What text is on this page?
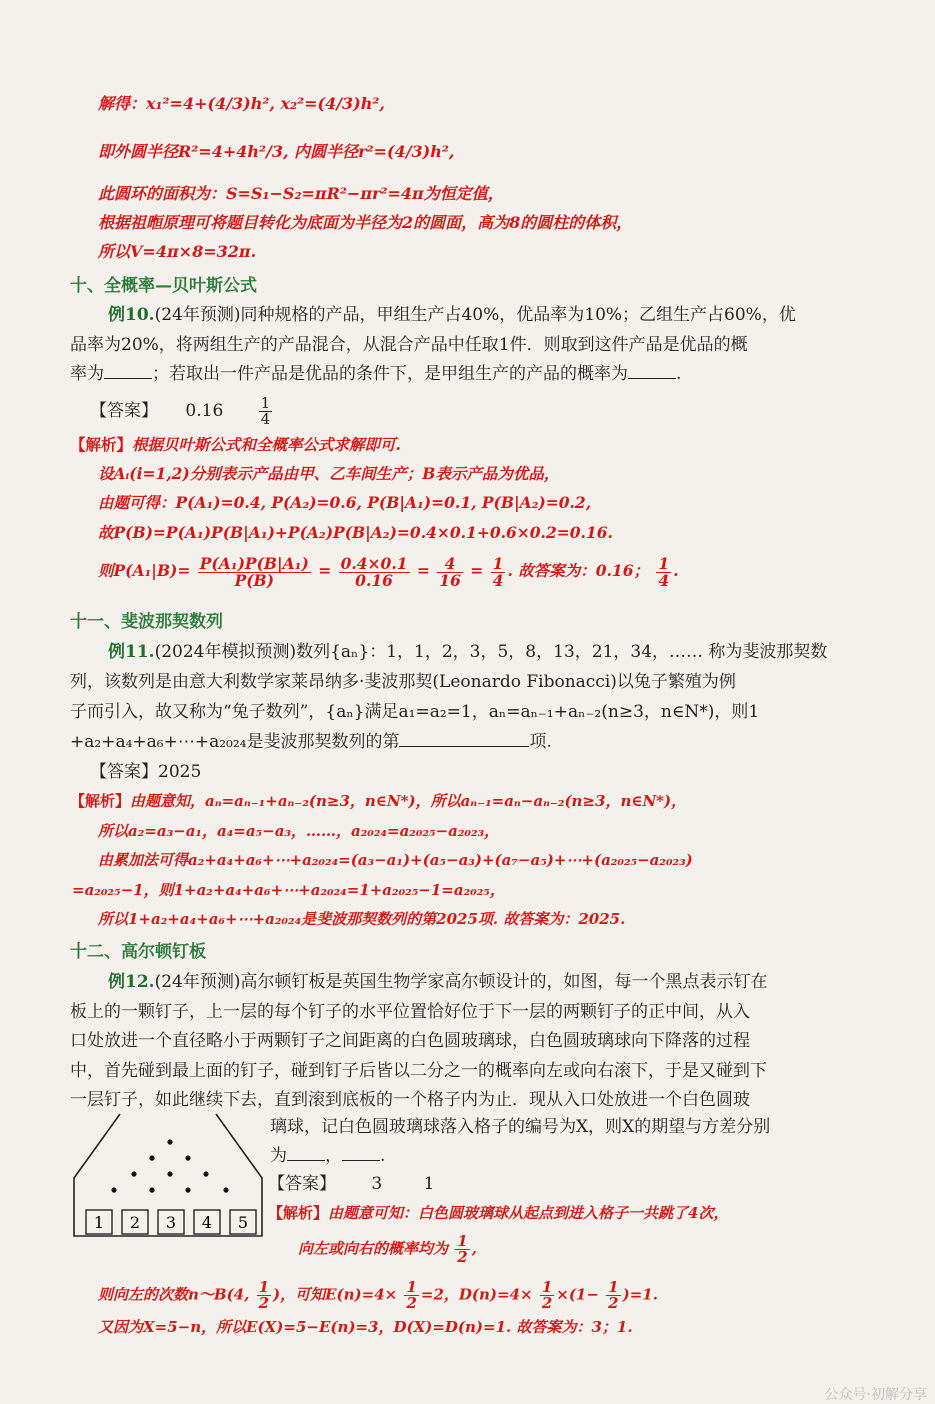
解得：x₁²=4+(4/3)h², x₂²=(4/3)h²,
即外圆半径R²=4+4h²/3, 内圆半径r²=(4/3)h²,
此圆环的面积为：S=S₁−S₂=πR²−πr²=4π为恒定值，
根据祖暅原理可将题目转化为底面为半径为2的圆面，高为8的圆柱的体积，
所以V=4π×8=32π.
十、全概率—贝叶斯公式
例10.(24年预测)同种规格的产品，甲组生产占40%，优品率为10%；乙组生产占60%，优
品率为20%，将两组生产的产品混合，从混合产品中任取1件．则取到这件产品是优品的概
率为	；若取出一件产品是优品的条件下，是甲组生产的产品的概率为	.
【答案】 $0.16 \frac{1}{4}$
【解析】根据贝叶斯公式和全概率公式求解即可.
设Aᵢ(i=1,2)分别表示产品由甲、乙车间生产；B表示产品为优品，
由题可得：P(A₁)=0.4, P(A₂)=0.6, P(B|A₁)=0.1, P(B|A₂)=0.2,
故P(B)=P(A₁)P(B|A₁)+P(A₂)P(B|A₂)=0.4×0.1+0.6×0.2=0.16.
则$P(A_1|B)= \frac{\text{P(A₁)P(B|A₁)}}{P(B)} = \frac{0.4\times 0.1}{0.16} = \frac{4}{16} = \frac{1}{4}$ . 故答案为：0.16； $\frac{1}{4}$ .
十一、斐波那契数列
例11.(2024年模拟预测)数列{aₙ}：1，1，2，3，5，8，13，21，34，…… 称为斐波那契数
列，该数列是由意大利数学家莱昂纳多·斐波那契(Leonardo Fibonacci)以兔子繁殖为例
子而引入，故又称为“兔子数列”，{aₙ}满足a₁=a₂=1，aₙ=aₙ₋₁+aₙ₋₂(n≥3，n∈N*)，则1
+a₂+a₄+a₆+⋯+a₂₀₂₄是斐波那契数列的第	项.
【答案】2025
【解析】由题意知，aₙ=aₙ₋₁+aₙ₋₂(n≥3，n∈N*)，所以aₙ₋₁=aₙ−aₙ₋₂(n≥3，n∈N*)，
所以a₂=a₃−a₁，a₄=a₅−a₃，……，a₂₀₂₄=a₂₀₂₅−a₂₀₂₃，
由累加法可得a₂+a₄+a₆+⋯+a₂₀₂₄=(a₃−a₁)+(a₅−a₃)+(a₇−a₅)+⋯+(a₂₀₂₅−a₂₀₂₃)
=a₂₀₂₅−1，则1+a₂+a₄+a₆+⋯+a₂₀₂₄=1+a₂₀₂₅−1=a₂₀₂₅，
所以1+a₂+a₄+a₆+⋯+a₂₀₂₄是斐波那契数列的第2025项. 故答案为：2025.
十二、高尔顿钉板
例12.(24年预测)高尔顿钉板是英国生物学家高尔顿设计的，如图，每一个黑点表示钉在
板上的一颗钉子，上一层的每个钉子的水平位置恰好位于下一层的两颗钉子的正中间，从入
口处放进一个直径略小于两颗钉子之间距离的白色圆玻璃球，白色圆玻璃球向下降落的过程
中，首先碰到最上面的钉子，碰到钉子后皆以二分之一的概率向左或向右滚下，于是又碰到下
一层钉子，如此继续下去，直到滚到底板的一个格子内为止．现从入口处放进一个白色圆玻
璃球，记白色圆玻璃球落入格子的编号为X，则X的期望与方差分别
为 ， .
【答案】 3 1
1 2 3 4 5 【解析】由题意可知：白色圆玻璃球从起点到进入格子一共跳了4次，
向左或向右的概率均为 $\frac{1}{2}$ ,
则向左的次数n～B(4, $\frac{1}{2}$ )，可知$E(n)=4\times \frac{1}{2} =2$，$D(n)=4\times \frac{1}{2} \times(1- \frac{1}{2} )=1$.
又因为X=5−n，所以E(X)=5−E(n)=3，D(X)=D(n)=1. 故答案为：3；1.
公众号·初解分享
